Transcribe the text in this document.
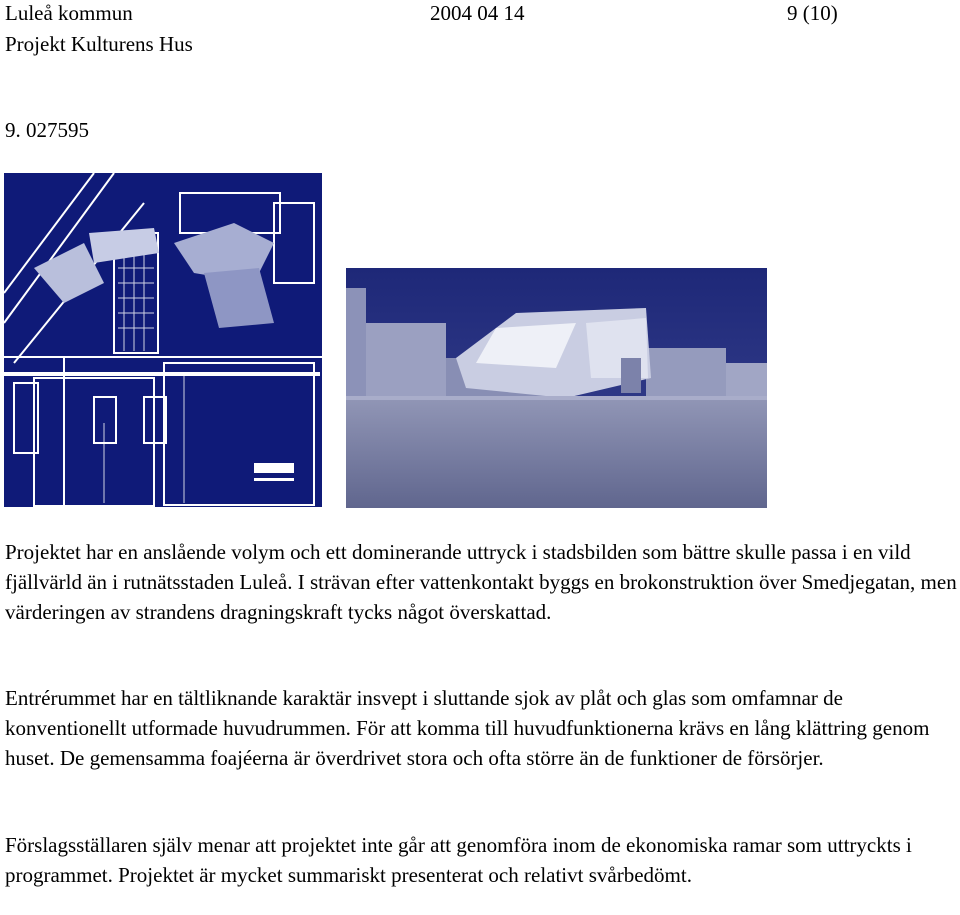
Luleå kommun	2004 04 14	9 (10)
Projekt Kulturens Hus
9. 027595
Projektet har en anslående volym och ett dominerande uttryck i stadsbilden som bättre skulle passa i en vild fjällvärld än i rutnätsstaden Luleå. I strävan efter vattenkontakt byggs en brokonstruktion över Smedjegatan, men värderingen av strandens dragningskraft tycks något överskattad.
Entrérummet har en tältliknande karaktär insvept i sluttande sjok av plåt och glas som omfamnar de konventionellt utformade huvudrummen. För att komma till huvudfunktionerna krävs en lång klättring genom huset. De gemensamma foajéerna är överdrivet stora och ofta större än de funktioner de försörjer.
Förslagsställaren själv menar att projektet inte går att genomföra inom de ekonomiska ramar som uttryckts i programmet. Projektet är mycket summariskt presenterat och relativt svårbedömt.
